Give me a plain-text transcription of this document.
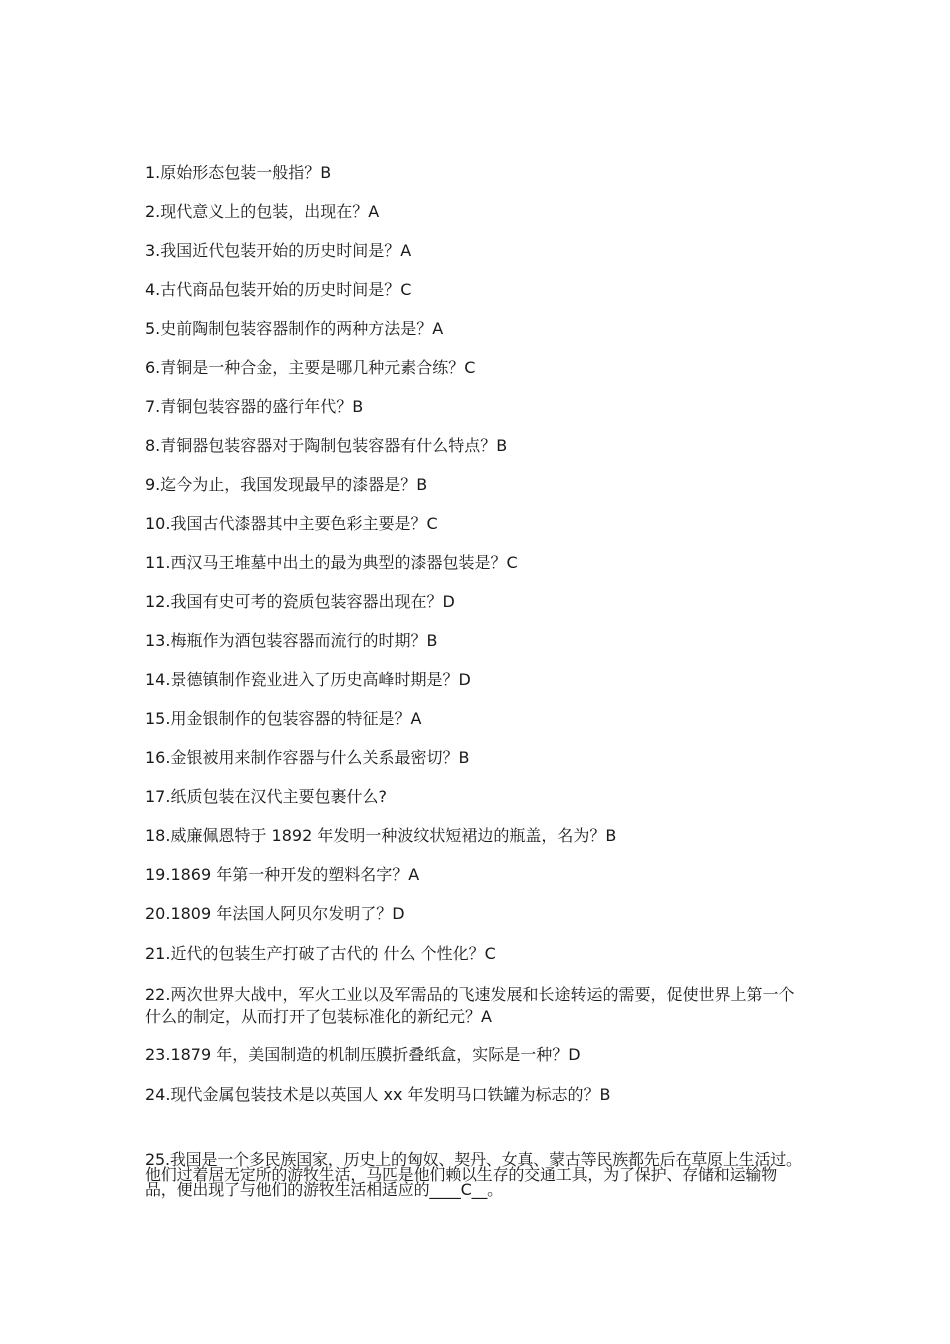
1.原始形态包装一般指？B
2.现代意义上的包装，出现在？A
3.我国近代包装开始的历史时间是？A
4.古代商品包装开始的历史时间是？C
5.史前陶制包装容器制作的两种方法是？A
6.青铜是一种合金，主要是哪几种元素合练？C
7.青铜包装容器的盛行年代？B
8.青铜器包装容器对于陶制包装容器有什么特点？B
9.迄今为止，我国发现最早的漆器是？B
10.我国古代漆器其中主要色彩主要是？C
11.西汉马王堆墓中出土的最为典型的漆器包装是？C
12.我国有史可考的瓷质包装容器出现在？D
13.梅瓶作为酒包装容器而流行的时期？B
14.景德镇制作瓷业进入了历史高峰时期是？D
15.用金银制作的包装容器的特征是？A
16.金银被用来制作容器与什么关系最密切？B
17.纸质包装在汉代主要包裹什么?
18.威廉佩恩特于 1892 年发明一种波纹状短裙边的瓶盖，名为？B
19.1869 年第一种开发的塑料名字？A
20.1809 年法国人阿贝尔发明了？D
21.近代的包装生产打破了古代的 什么 个性化？C
22.两次世界大战中，军火工业以及军需品的飞速发展和长途转运的需要，促使世界上第一个什么的制定，从而打开了包装标准化的新纪元？A
23.1879 年，美国制造的机制压膜折叠纸盒，实际是一种？D
24.现代金属包装技术是以英国人 xx 年发明马口铁罐为标志的？B
25.我国是一个多民族国家，历史上的匈奴、契丹、女真、蒙古等民族都先后在草原上生活过。
他们过着居无定所的游牧生活，马匹是他们赖以生存的交通工具，为了保护、存储和运输物
品，便出现了与他们的游牧生活相适应的____C__。
